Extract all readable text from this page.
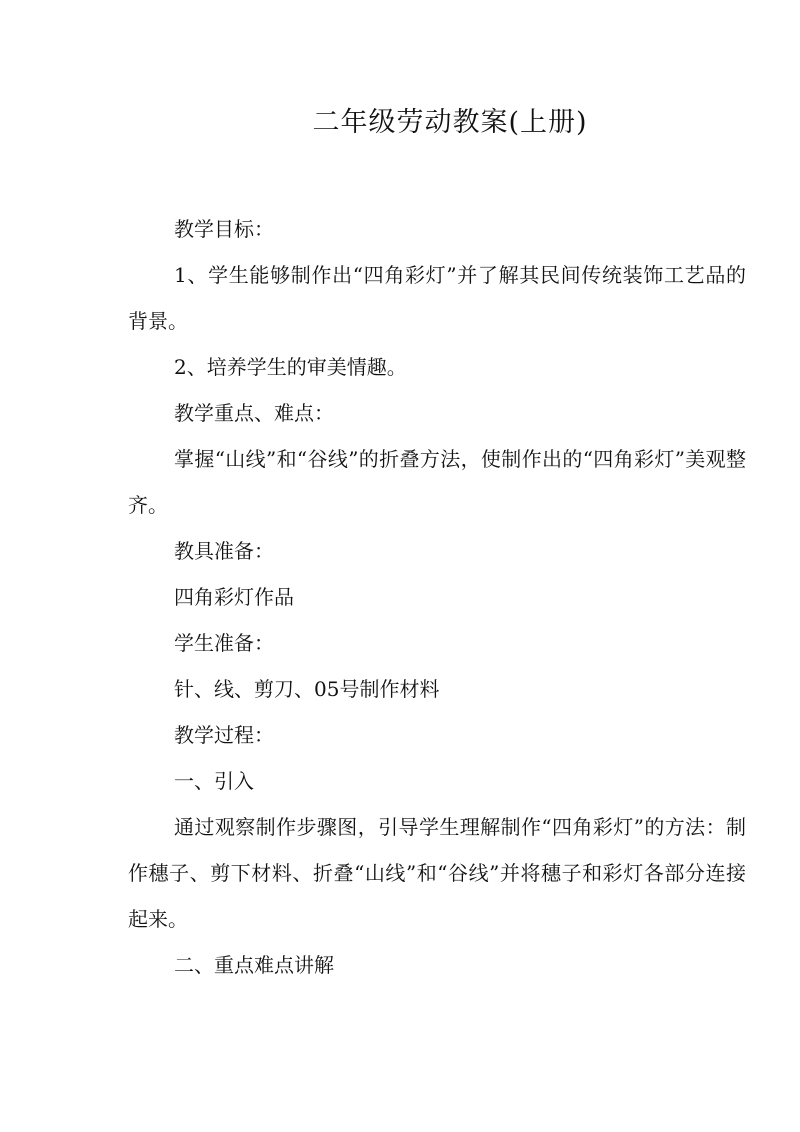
二年级劳动教案(上册)

教学目标：

1、学生能够制作出“四角彩灯”并了解其民间传统装饰工艺品的背景。

2、培养学生的审美情趣。

教学重点、难点：

掌握“山线”和“谷线”的折叠方法，使制作出的“四角彩灯”美观整齐。

教具准备：

四角彩灯作品

学生准备：

针、线、剪刀、05号制作材料

教学过程：

一、引入

通过观察制作步骤图，引导学生理解制作“四角彩灯”的方法：制作穗子、剪下材料、折叠“山线”和“谷线”并将穗子和彩灯各部分连接起来。

二、重点难点讲解
